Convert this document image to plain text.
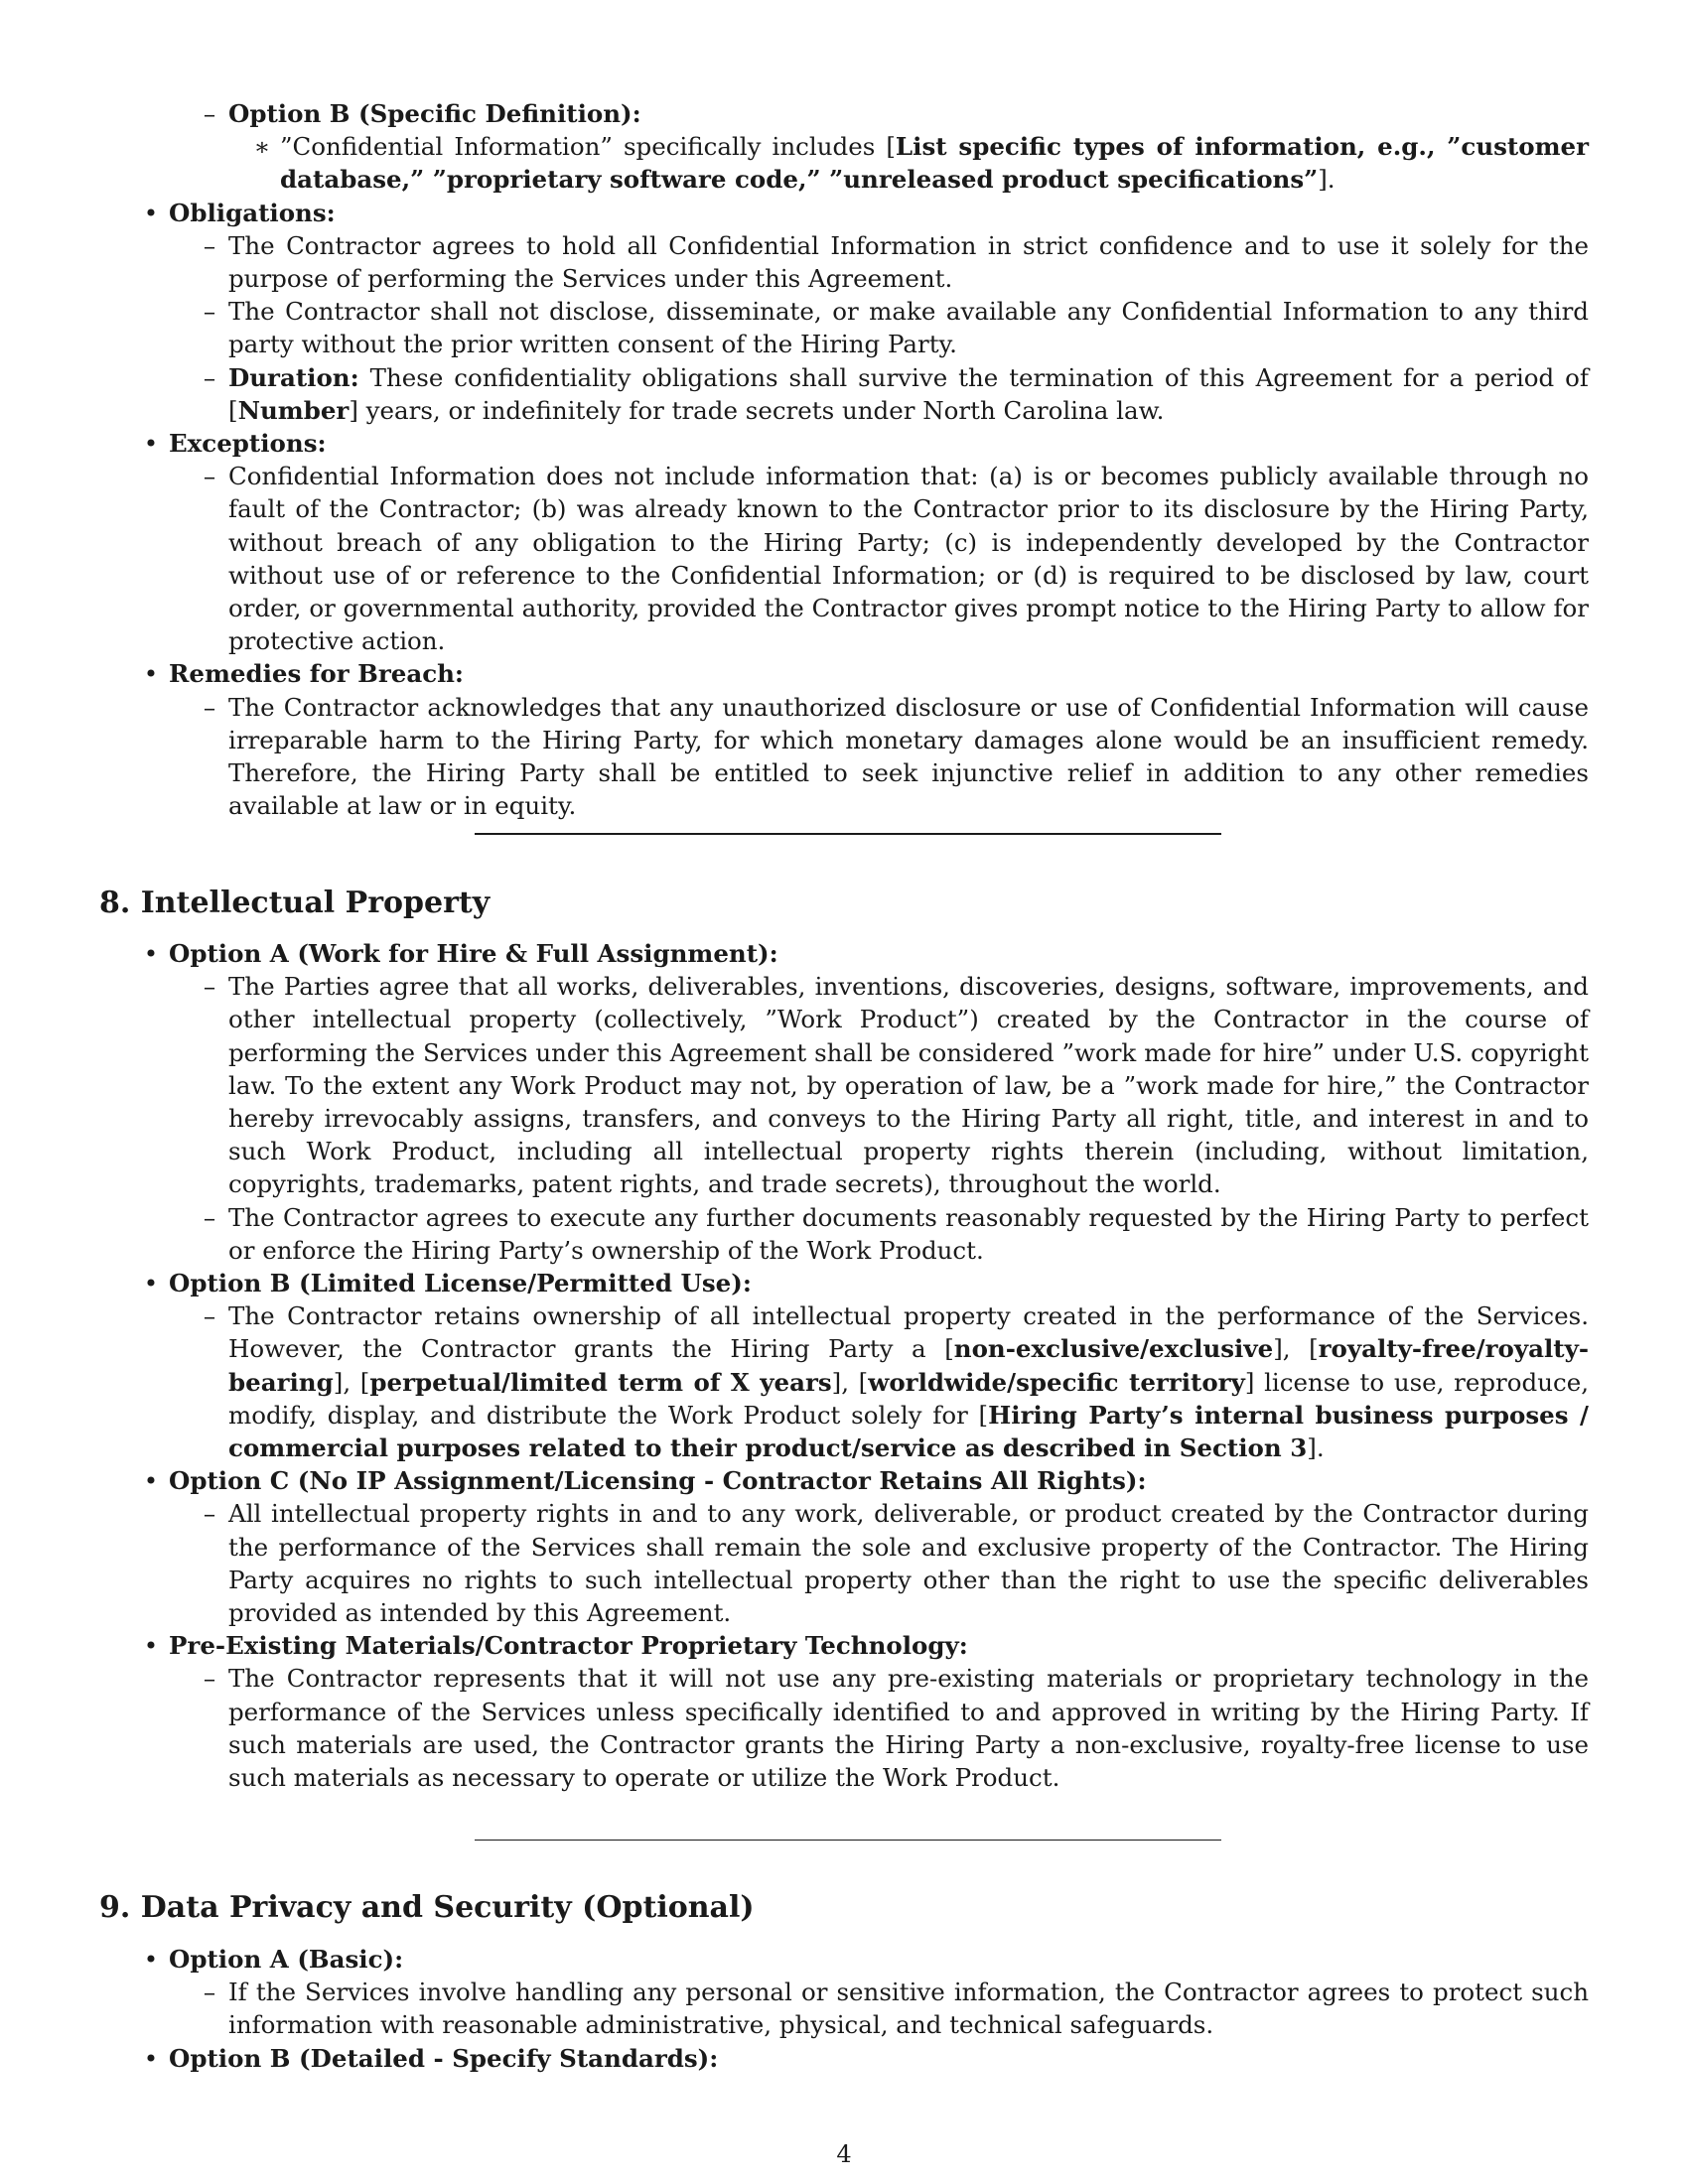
– Option B (Specific Definition):
∗ ”Confidential Information” specifically includes [List specific types of information, e.g., ”customer database,” ”proprietary software code,” ”unreleased product specifications”].
• Obligations:
– The Contractor agrees to hold all Confidential Information in strict confidence and to use it solely for the purpose of performing the Services under this Agreement.
– The Contractor shall not disclose, disseminate, or make available any Confidential Information to any third party without the prior written consent of the Hiring Party.
– Duration: These confidentiality obligations shall survive the termination of this Agreement for a period of [Number] years, or indefinitely for trade secrets under North Carolina law.
• Exceptions:
– Confidential Information does not include information that: (a) is or becomes publicly available through no fault of the Contractor; (b) was already known to the Contractor prior to its disclosure by the Hiring Party, without breach of any obligation to the Hiring Party; (c) is independently developed by the Contractor without use of or reference to the Confidential Information; or (d) is required to be disclosed by law, court order, or governmental authority, provided the Contractor gives prompt notice to the Hiring Party to allow for protective action.
• Remedies for Breach:
– The Contractor acknowledges that any unauthorized disclosure or use of Confidential Information will cause irreparable harm to the Hiring Party, for which monetary damages alone would be an insufficient remedy. Therefore, the Hiring Party shall be entitled to seek injunctive relief in addition to any other remedies available at law or in equity.
8. Intellectual Property
• Option A (Work for Hire & Full Assignment):
– The Parties agree that all works, deliverables, inventions, discoveries, designs, software, improvements, and other intellectual property (collectively, ”Work Product”) created by the Contractor in the course of performing the Services under this Agreement shall be considered ”work made for hire” under U.S. copyright law. To the extent any Work Product may not, by operation of law, be a ”work made for hire,” the Contractor hereby irrevocably assigns, transfers, and conveys to the Hiring Party all right, title, and interest in and to such Work Product, including all intellectual property rights therein (including, without limitation, copyrights, trademarks, patent rights, and trade secrets), throughout the world.
– The Contractor agrees to execute any further documents reasonably requested by the Hiring Party to perfect or enforce the Hiring Party’s ownership of the Work Product.
• Option B (Limited License/Permitted Use):
– The Contractor retains ownership of all intellectual property created in the performance of the Services. However, the Contractor grants the Hiring Party a [non-exclusive/exclusive], [royalty-free/royalty-bearing], [perpetual/limited term of X years], [worldwide/specific territory] license to use, reproduce, modify, display, and distribute the Work Product solely for [Hiring Party’s internal business purposes / commercial purposes related to their product/service as described in Section 3].
• Option C (No IP Assignment/Licensing - Contractor Retains All Rights):
– All intellectual property rights in and to any work, deliverable, or product created by the Contractor during the performance of the Services shall remain the sole and exclusive property of the Contractor. The Hiring Party acquires no rights to such intellectual property other than the right to use the specific deliverables provided as intended by this Agreement.
• Pre-Existing Materials/Contractor Proprietary Technology:
– The Contractor represents that it will not use any pre-existing materials or proprietary technology in the performance of the Services unless specifically identified to and approved in writing by the Hiring Party. If such materials are used, the Contractor grants the Hiring Party a non-exclusive, royalty-free license to use such materials as necessary to operate or utilize the Work Product.
9. Data Privacy and Security (Optional)
• Option A (Basic):
– If the Services involve handling any personal or sensitive information, the Contractor agrees to protect such information with reasonable administrative, physical, and technical safeguards.
• Option B (Detailed - Specify Standards):
4
